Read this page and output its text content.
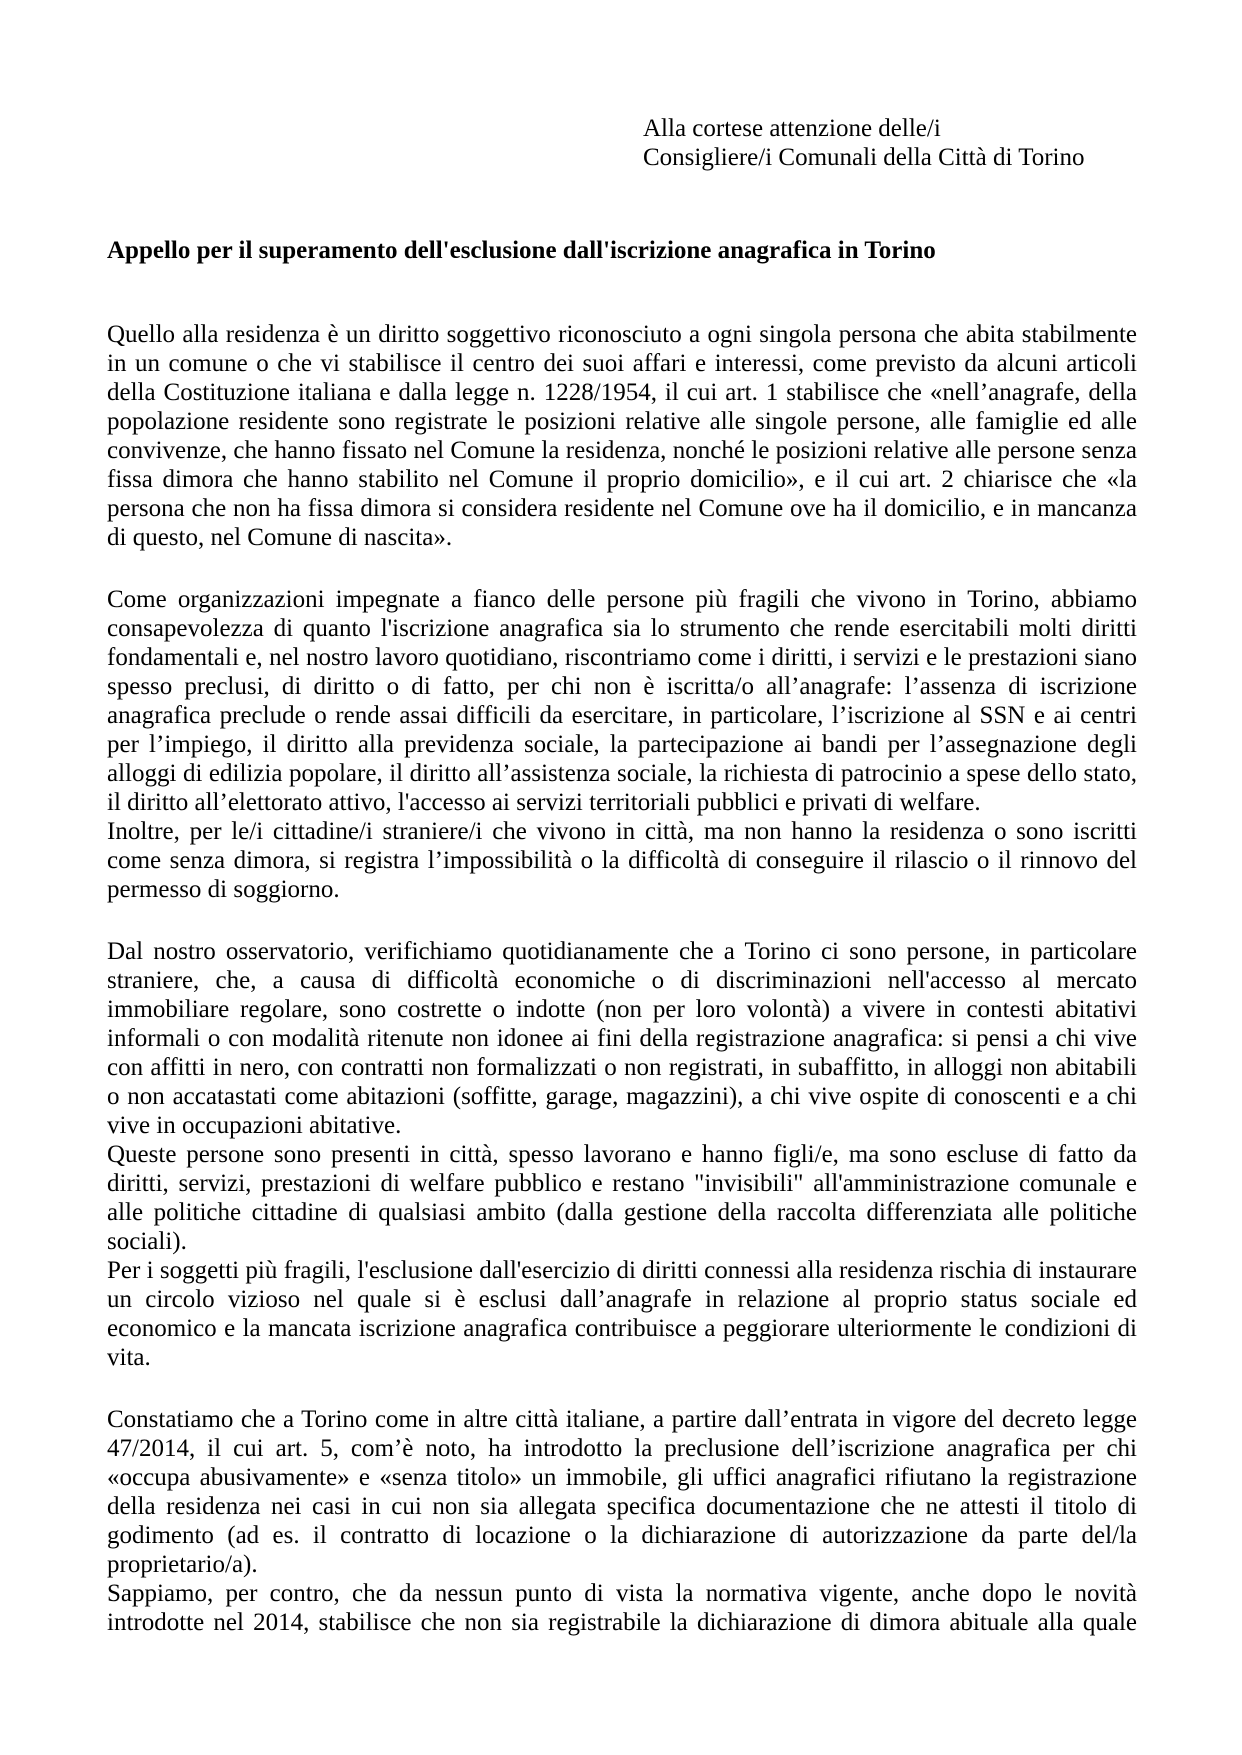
Alla cortese attenzione delle/i
Consigliere/i Comunali della Città di Torino
Appello per il superamento dell'esclusione dall'iscrizione anagrafica in Torino

Quello alla residenza è un diritto soggettivo riconosciuto a ogni singola persona che abita stabilmente in un comune o che vi stabilisce il centro dei suoi affari e interessi, come previsto da alcuni articoli della Costituzione italiana e dalla legge n. 1228/1954, il cui art. 1 stabilisce che «nell’anagrafe, della popolazione residente sono registrate le posizioni relative alle singole persone, alle famiglie ed alle convivenze, che hanno fissato nel Comune la residenza, nonché le posizioni relative alle persone senza fissa dimora che hanno stabilito nel Comune il proprio domicilio», e il cui art. 2 chiarisce che «la persona che non ha fissa dimora si considera residente nel Comune ove ha il domicilio, e in mancanza di questo, nel Comune di nascita».

Come organizzazioni impegnate a fianco delle persone più fragili che vivono in Torino, abbiamo consapevolezza di quanto l'iscrizione anagrafica sia lo strumento che rende esercitabili molti diritti fondamentali e, nel nostro lavoro quotidiano, riscontriamo come i diritti, i servizi e le prestazioni siano spesso preclusi, di diritto o di fatto, per chi non è iscritta/o all’anagrafe: l’assenza di iscrizione anagrafica preclude o rende assai difficili da esercitare, in particolare, l’iscrizione al SSN e ai centri per l’impiego, il diritto alla previdenza sociale, la partecipazione ai bandi per l’assegnazione degli alloggi di edilizia popolare, il diritto all’assistenza sociale, la richiesta di patrocinio a spese dello stato, il diritto all’elettorato attivo, l'accesso ai servizi territoriali pubblici e privati di welfare.

Inoltre, per le/i cittadine/i straniere/i che vivono in città, ma non hanno la residenza o sono iscritti come senza dimora, si registra l’impossibilità o la difficoltà di conseguire il rilascio o il rinnovo del permesso di soggiorno.

Dal nostro osservatorio, verifichiamo quotidianamente che a Torino ci sono persone, in particolare straniere, che, a causa di difficoltà economiche o di discriminazioni nell'accesso al mercato immobiliare regolare, sono costrette o indotte (non per loro volontà) a vivere in contesti abitativi informali o con modalità ritenute non idonee ai fini della registrazione anagrafica: si pensi a chi vive con affitti in nero, con contratti non formalizzati o non registrati, in subaffitto, in alloggi non abitabili o non accatastati come abitazioni (soffitte, garage, magazzini), a chi vive ospite di conoscenti e a chi vive in occupazioni abitative.

Queste persone sono presenti in città, spesso lavorano e hanno figli/e, ma sono escluse di fatto da diritti, servizi, prestazioni di welfare pubblico e restano "invisibili" all'amministrazione comunale e alle politiche cittadine di qualsiasi ambito (dalla gestione della raccolta differenziata alle politiche sociali).

Per i soggetti più fragili, l'esclusione dall'esercizio di diritti connessi alla residenza rischia di instaurare un circolo vizioso nel quale si è esclusi dall’anagrafe in relazione al proprio status sociale ed economico e la mancata iscrizione anagrafica contribuisce a peggiorare ulteriormente le condizioni di vita.

Constatiamo che a Torino come in altre città italiane, a partire dall’entrata in vigore del decreto legge 47/2014, il cui art. 5, com’è noto, ha introdotto la preclusione dell’iscrizione anagrafica per chi «occupa abusivamente» e «senza titolo» un immobile, gli uffici anagrafici rifiutano la registrazione della residenza nei casi in cui non sia allegata specifica documentazione che ne attesti il titolo di godimento (ad es. il contratto di locazione o la dichiarazione di autorizzazione da parte del/la proprietario/a).

Sappiamo, per contro, che da nessun punto di vista la normativa vigente, anche dopo le novità introdotte nel 2014, stabilisce che non sia registrabile la dichiarazione di dimora abituale alla quale
